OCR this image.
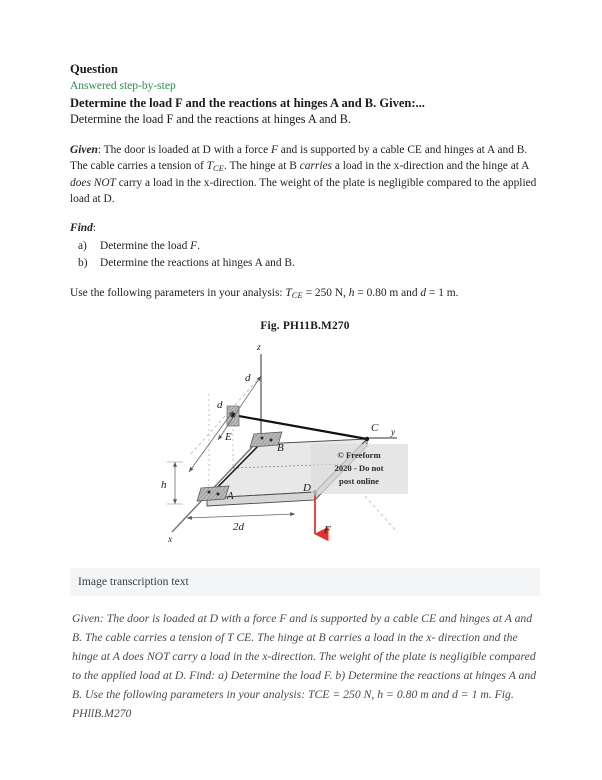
Question
Answered step-by-step
Determine the load F and the reactions at hinges A and B. Given:...
Determine the load F and the reactions at hinges A and B.

Given: The door is loaded at D with a force F and is supported by a cable CE and hinges at A and B. The cable carries a tension of $T_{CE}$. The hinge at B carries a load in the x-direction and the hinge at A does NOT carry a load in the x-direction. The weight of the plate is negligible compared to the applied load at D.

Find:

a) Determine the load F.
b) Determine the reactions at hinges A and B.

Use the following parameters in your analysis: $T_{CE} = 250$ N, h = 0.80 m and d = 1 m.

Fig. PH11B.M270
z
y
x
A
B
C
D
E
d
d
h
2d	F
© Freeform
2020 - Do not
post online
Image transcription text
Given: The door is loaded at D with a force F and is supported by a cable CE and hinges at A and B. The cable carries a tension of T CE. The hinge at B carries a load in the x- direction and the hinge at A does NOT carry a load in the x-direction. The weight of the plate is negligible compared to the applied load at D. Find: a) Determine the load F. b) Determine the reactions at hinges A and B. Use the following parameters in your analysis: TCE = 250 N, h = 0.80 m and d = 1 m. Fig.
PHllB.M270
